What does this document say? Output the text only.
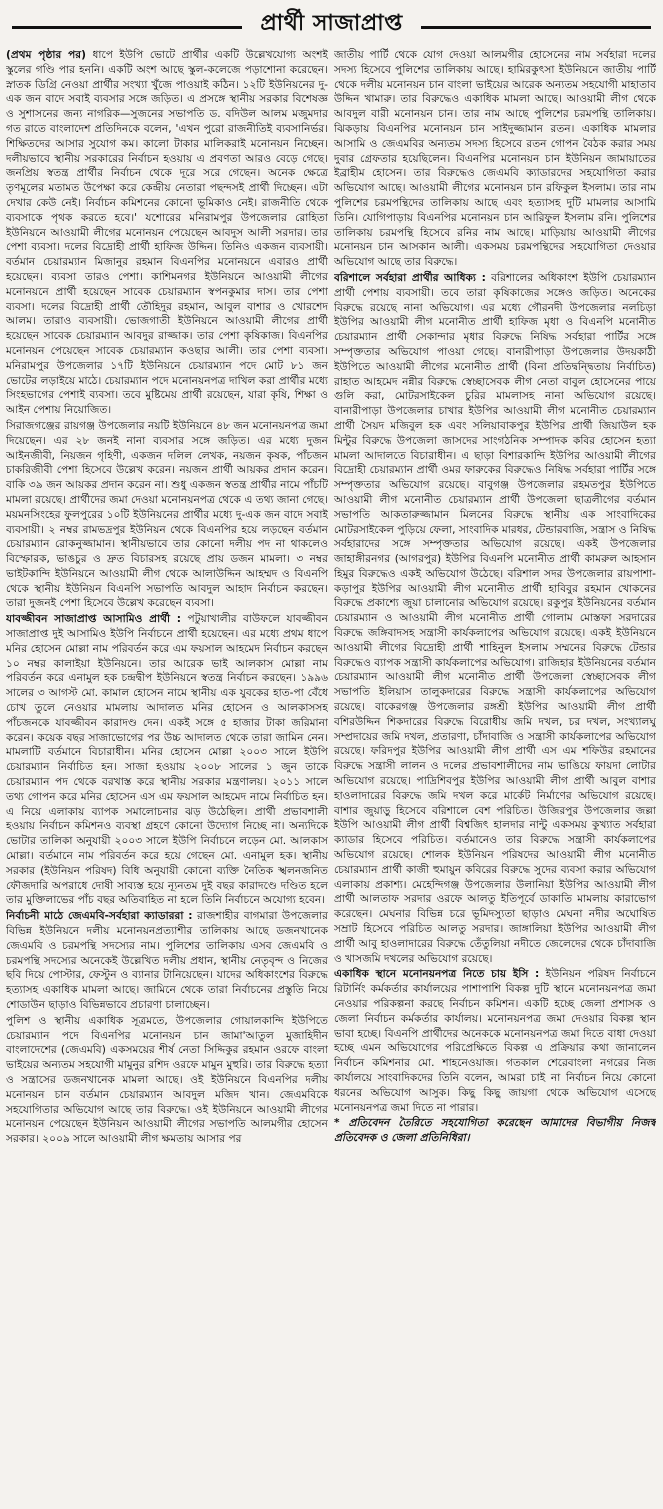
প্রার্থী সাজাপ্রাপ্ত

(প্রথম পৃষ্ঠার পর) ধাপে ইউপি ভোটে প্রার্থীর একটি উল্লেখযোগ্য অংশই স্কুলের গণ্ডি পার হননি। একটি অংশ আছে স্কুল-কলেজে পড়াশোনা করেছেন। স্নাতক ডিগ্রি নেওয়া প্রার্থীর সংখ্যা খুঁজে পাওয়াই কঠিন। ১২টি ইউনিয়নের দু-এক জন বাদে সবাই ব্যবসার সঙ্গে জড়িত। এ প্রসঙ্গে স্থানীয় সরকার বিশেষজ্ঞ ও সুশাসনের জন্য নাগরিক—সুজনের সভাপতি ড. বদিউল আলম মজুমদার গত রাতে বাংলাদেশ প্রতিদিনকে বলেন, 'এখন পুরো রাজনীতিই ব্যবসানির্ভর। শিক্ষিতদের আসার সুযোগ কম। কালো টাকার মালিকরাই মনোনয়ন নিচ্ছেন। দলীয়ভাবে স্থানীয় সরকারের নির্বাচন হওয়ায় এ প্রবণতা আরও বেড়ে গেছে। জনপ্রিয় স্বতন্ত্র প্রার্থীর নির্বাচন থেকে দূরে সরে গেছেন। অনেক ক্ষেত্রে তৃণমূলের মতামত উপেক্ষা করে কেন্দ্রীয় নেতারা পছন্দসই প্রার্থী দিচ্ছেন। এটা দেখার কেউ নেই। নির্বাচন কমিশনের কোনো ভূমিকাও নেই। রাজনীতি থেকে ব্যবসাকে পৃথক করতে হবে।' যশোরের মনিরামপুর উপজেলার রোহিতা ইউনিয়নে আওয়ামী লীগের মনোনয়ন পেয়েছেন আবদুস আলী সরদার। তার পেশা ব্যবসা। দলের বিদ্রোহী প্রার্থী হাফিজ উদ্দিন। তিনিও একজন ব্যবসায়ী। বর্তমান চেয়ারম্যান মিজানুর রহমান বিএনপির মনোনয়নে এবারও প্রার্থী হয়েছেন। ব্যবসা তারও পেশা। কাশিমনগর ইউনিয়নে আওয়ামী লীগের মনোনয়নে প্রার্থী হয়েছেন সাবেক চেয়ারম্যান স্বপনকুমার দাস। তার পেশা ব্যবসা। দলের বিদ্রোহী প্রার্থী তৌহিদুর রহমান, আবুল বাশার ও খোরশেদ আলম। তারাও ব্যবসায়ী। ভোজগাতী ইউনিয়নে আওয়ামী লীগের প্রার্থী হয়েছেন সাবেক চেয়ারম্যান আবদুর রাজ্জাক। তার পেশা কৃষিকাজ। বিএনপির মনোনয়ন পেয়েছেন সাবেক চেয়ারম্যান কওছার আলী। তার পেশা ব্যবসা। মনিরামপুর উপজেলার ১৭টি ইউনিয়নে চেয়ারম্যান পদে মোট ৮১ জন ভোটের লড়াইয়ে মাঠে। চেয়ারম্যান পদে মনোনয়নপত্র দাখিল করা প্রার্থীর মধ্যে সিংহভাগের পেশাই ব্যবসা। তবে মুষ্টিমেয় প্রার্থী রয়েছেন, যারা কৃষি, শিক্ষা ও আইন পেশায় নিয়োজিত।

সিরাজগঞ্জের রায়গঞ্জ উপজেলার নয়টি ইউনিয়নে ৪৮ জন মনোনয়নপত্র জমা দিয়েছেন। এর ২৮ জনই নানা ব্যবসার সঙ্গে জড়িত। এর মধ্যে দুজন আইনজীবী, নিয়জন গৃহিণী, একজন দলিল লেখক, নয়জন কৃষক, পাঁচজন চাকরিজীবী পেশা হিসেবে উল্লেখ করেন। নয়জন প্রার্থী আয়কর প্রদান করেন। বাকি ৩৯ জন আয়কর প্রদান করেন না। শুধু একজন স্বতন্ত্র প্রার্থীর নামে পাঁচটি মামলা রয়েছে। প্রার্থীদের জমা দেওয়া মনোনয়নপত্র থেকে এ তথ্য জানা গেছে। ময়মনসিংহের ফুলপুরের ১০টি ইউনিয়নের প্রার্থীর মধ্যে দু-এক জন বাদে সবাই ব্যবসায়ী। ২ নম্বর রামভদ্রপুর ইউনিয়ন থেকে বিএনপির হয়ে লড়ছেন বর্তমান চেয়ারম্যান রোকনুজ্জামান। স্থানীয়ভাবে তার কোনো দলীয় পদ না থাকলেও বিস্ফোরক, ভাঙচুর ও দ্রুত বিচারসহ রয়েছে প্রায় ডজন মামলা। ৩ নম্বর ভাইটকান্দি ইউনিয়নে আওয়ামী লীগ থেকে আলাউদ্দিন আহম্মদ ও বিএনপি থেকে স্থানীয় ইউনিয়ন বিএনপি সভাপতি আবদুল আহাদ নির্বাচন করছেন। তারা দুজনই পেশা হিসেবে উল্লেখ করেছেন ব্যবসা।

যাবজ্জীবন সাজাপ্রাপ্ত আসামিও প্রার্থী : পটুয়াখালীর বাউফলে যাবজ্জীবন সাজাপ্রাপ্ত দুই আসামিও ইউপি নির্বাচনে প্রার্থী হয়েছেন। এর মধ্যে প্রথম ধাপে মনির হোসেন মোল্লা নাম পরিবর্তন করে এম ফয়সাল আহমেদ নির্বাচন করছেন ১০ নম্বর কালাইয়া ইউনিয়নে। তার আরেক ভাই আলকাস মোল্লা নাম পরিবর্তন করে এনামুল হক চন্দ্রদ্বীপ ইউনিয়নে স্বতন্ত্র নির্বাচন করছেন। ১৯৯৬ সালের ৩ আগস্ট মো. কামাল হোসেন নামে স্থানীয় এক যুবকের হাত-পা বেঁধে চোখ তুলে নেওয়ার মামলায় আদালত মনির হোসেন ও আলকাসসহ পাঁচজনকে যাবজ্জীবন কারাদণ্ড দেন। একই সঙ্গে ৫ হাজার টাকা জরিমানা করেন। কয়েক বছর সাজাভোগের পর উচ্চ আদালত থেকে তারা জামিন নেন। মামলাটি বর্তমানে বিচারাধীন। মনির হোসেন মোল্লা ২০০৩ সালে ইউপি চেয়ারম্যান নির্বাচিত হন। সাজা হওয়ায় ২০০৮ সালের ১ জুন তাকে চেয়ারম্যান পদ থেকে বরখাস্ত করে স্থানীয় সরকার মন্ত্রণালয়। ২০১১ সালে তথ্য গোপন করে মনির হোসেন এস এম ফয়সাল আহমেদ নামে নির্বাচিত হন। এ নিয়ে এলাকায় ব্যাপক সমালোচনার ঝড় উঠেছিল। প্রার্থী প্রভাবশালী হওয়ায় নির্বাচন কমিশনও ব্যবস্থা গ্রহণে কোনো উদ্যোগ নিচ্ছে না। অন্যদিকে ভোটার তালিকা অনুযায়ী ২০০৩ সালে ইউপি নির্বাচনে লড়েন মো. আলকাস মোল্লা। বর্তমানে নাম পরিবর্তন করে হয়ে গেছেন মো. এনামুল হক। স্থানীয় সরকার (ইউনিয়ন পরিষদ) বিধি অনুযায়ী কোনো ব্যক্তি নৈতিক স্খলনজনিত ফৌজদারি অপরাধে দোষী সাব্যস্ত হয়ে ন্যূনতম দুই বছর কারাদণ্ডে দণ্ডিত হলে তার মুক্তিলাভের পাঁচ বছর অতিবাহিত না হলে তিনি নির্বাচনে অযোগ্য হবেন।

নির্বাচনী মাঠে জেএমবি-সর্বহারা ক্যাডাররা : রাজশাহীর বাগমারা উপজেলার বিভিন্ন ইউনিয়নে দলীয় মনোনয়নপ্রত্যাশীর তালিকায় আছে ডজনখানেক জেএমবি ও চরমপন্থি সদস্যের নাম। পুলিশের তালিকায় এসব জেএমবি ও চরমপন্থি সদস্যের অনেকেই উল্লেখিত দলীয় প্রধান, স্থানীয় নেতৃবৃন্দ ও নিজের ছবি দিয়ে পোস্টার, ফেস্টুন ও ব্যানার টানিয়েছেন। যাদের অধিকাংশের বিরুদ্ধে হত্যাসহ একাধিক মামলা আছে। জামিনে থেকে তারা নির্বাচনের প্রস্তুতি নিয়ে শোডাউন ছাড়াও বিভিন্নভাবে প্রচারণা চালাচ্ছেন।

পুলিশ ও স্থানীয় একাধিক সূত্রমতে, উপজেলার গোয়ালকান্দি ইউপিতে চেয়ারম্যান পদে বিএনপির মনোনয়ন চান জামা'আতুল মুজাহিদীন বাংলাদেশের (জেএমবি) একসময়ের শীর্ষ নেতা সিদ্দিকুর রহমান ওরফে বাংলা ভাইয়ের অন্যতম সহযোগী মামুনুর রশিদ ওরফে মামুন মুহুরি। তার বিরুদ্ধে হত্যা ও সন্ত্রাসের ডজনখানেক মামলা আছে। ওই ইউনিয়নে বিএনপির দলীয় মনোনয়ন চান বর্তমান চেয়ারম্যান আবদুল মজিদ খান। জেএমবিকে সহযোগিতার অভিযোগ আছে তার বিরুদ্ধে। ওই ইউনিয়নে আওয়ামী লীগের মনোনয়ন পেয়েছেন ইউনিয়ন আওয়ামী লীগের সভাপতি আলমগীর হোসেন সরকার। ২০০৯ সালে আওয়ামী লীগ ক্ষমতায় আসার পর

জাতীয় পার্টি থেকে যোগ দেওয়া আলমগীর হোসেনের নাম সর্বহারা দলের সদস্য হিসেবে পুলিশের তালিকায় আছে। হামিরকুৎসা ইউনিয়নে জাতীয় পার্টি থেকে দলীয় মনোনয়ন চান বাংলা ভাইয়ের আরেক অন্যতম সহযোগী মাহাতাব উদ্দিন খামারু। তার বিরুদ্ধেও একাধিক মামলা আছে। আওয়ামী লীগ থেকে আবদুল বারী মনোনয়ন চান। তার নাম আছে পুলিশের চরমপন্থি তালিকায়। ঝিকড়ায় বিএনপির মনোনয়ন চান সাইদুজ্জামান রতন। একাধিক মামলার আসামি ও জেএমবির অন্যতম সদস্য হিসেবে রতন গোপন বৈঠক করার সময় দুবার গ্রেফতার হয়েছিলেন। বিএনপির মনোনয়ন চান ইউনিয়ন জামায়াতের ইব্রাহীম হোসেন। তার বিরুদ্ধেও জেএমবি ক্যাডারদের সহযোগিতা করার অভিযোগ আছে। আওয়ামী লীগের মনোনয়ন চান রফিকুল ইসলাম। তার নাম পুলিশের চরমপন্থিদের তালিকায় আছে এবং হত্যাসহ দুটি মামলার আসামি তিনি। যোগিপাড়ায় বিএনপির মনোনয়ন চান আরিফুল ইসলাম রনি। পুলিশের তালিকায় চরমপন্থি হিসেবে রনির নাম আছে। মাড়িয়ায় আওয়ামী লীগের মনোনয়ন চান আসকান আলী। একসময় চরমপন্থিদের সহযোগিতা দেওয়ার অভিযোগ আছে তার বিরুদ্ধে।

বরিশালে সর্বহারা প্রার্থীর আধিক্য : বরিশালের অধিকাংশ ইউপি চেয়ারম্যান প্রার্থী পেশায় ব্যবসায়ী। তবে তারা কৃষিকাজের সঙ্গেও জড়িত। অনেকের বিরুদ্ধে রয়েছে নানা অভিযোগ। এর মধ্যে গৌরনদী উপজেলার নলচিড়া ইউপির আওয়ামী লীগ মনোনীত প্রার্থী হাফিজ মৃধা ও বিএনপি মনোনীত চেয়ারম্যান প্রার্থী সেকান্দার মৃধার বিরুদ্ধে নিষিদ্ধ সর্বহারা পার্টির সঙ্গে সম্পৃক্ততার অভিযোগ পাওয়া গেছে। বানারীপাড়া উপজেলার উদয়কাঠী ইউপিতে আওয়ামী লীগের মনোনীত প্রার্থী (বিনা প্রতিদ্বন্দ্বিতায় নির্বাচিত) রাহাত আহমেদ নন্নীর বিরুদ্ধে স্বেচ্ছাসেবক লীগ নেতা বাবুল হোসেনের পায়ে গুলি করা, মোটরসাইকেল চুরির মামলাসহ নানা অভিযোগ রয়েছে। বানারীপাড়া উপজেলার চাখার ইউপির আওয়ামী লীগ মনোনীত চেয়ারম্যান প্রার্থী সৈয়দ মজিবুল হক এবং সলিয়াবাকপুর ইউপির প্রার্থী জিয়াউল হক মিন্টুর বিরুদ্ধে উপজেলা জাসদের সাংগঠনিক সম্পাদক কবির হোসেন হত্যা মামলা আদালতে বিচারাধীন। এ ছাড়া বিশারকান্দি ইউপির আওয়ামী লীগের বিদ্রোহী চেয়ারম্যান প্রার্থী ওমর ফারুকের বিরুদ্ধেও নিষিদ্ধ সর্বহারা পার্টির সঙ্গে সম্পৃক্ততার অভিযোগ রয়েছে। বাবুগঞ্জ উপজেলার রহমতপুর ইউপিতে আওয়ামী লীগ মনোনীত চেয়ারম্যান প্রার্থী উপজেলা ছাত্রলীগের বর্তমান সভাপতি আকতারুজ্জামান মিলনের বিরুদ্ধে স্থানীয় এক সাংবাদিকের মোটরসাইকেল পুড়িয়ে ফেলা, সাংবাদিক মারধর, টেন্ডারবাজি, সন্ত্রাস ও নিষিদ্ধ সর্বহারাদের সঙ্গে সম্পৃক্ততার অভিযোগ রয়েছে। একই উপজেলার জাহাঙ্গীরনগর (আগরপুর) ইউপির বিএনপি মনোনীত প্রার্থী কামরুল আহসান হিমুর বিরুদ্ধেও একই অভিযোগ উঠেছে। বরিশাল সদর উপজেলার রায়পাশা-কড়াপুর ইউপির আওয়ামী লীগ মনোনীত প্রার্থী হাবিবুর রহমান খোকনের বিরুদ্ধে প্রকাশ্যে জুয়া চালানোর অভিযোগ রয়েছে। রকুপুর ইউনিয়নের বর্তমান চেয়ারম্যান ও আওয়ামী লীগ মনোনীত প্রার্থী গোলাম মোস্তফা সরদারের বিরুদ্ধে জঙ্গিবাদসহ সন্ত্রাসী কার্যকলাপের অভিযোগ রয়েছে। একই ইউনিয়নে আওয়ামী লীগের বিদ্রোহী প্রার্থী শাহিনুল ইসলাম সম্মনের বিরুদ্ধে টেন্ডার বিরুদ্ধেও ব্যাপক সন্ত্রাসী কার্যকলাপের অভিযোগ। রাজিহার ইউনিয়নের বর্তমান চেয়ারম্যান আওয়ামী লীগ মনোনীত প্রার্থী উপজেলা স্বেচ্ছাসেবক লীগ সভাপতি ইলিয়াস তালুকদারের বিরুদ্ধে সন্ত্রাসী কার্যকলাপের অভিযোগ রয়েছে। বাকেরগঞ্জ উপজেলার রঙ্গশ্রী ইউপির আওয়ামী লীগ প্রার্থী বশিরউদ্দিন শিকদারের বিরুদ্ধে বিরোধীয় জমি দখল, চর দখল, সংখ্যালঘু সম্প্রদায়ের জমি দখল, প্রতারণা, চাঁদাবাজি ও সন্ত্রাসী কার্যকলাপের অভিযোগ রয়েছে। ফরিদপুর ইউপির আওয়ামী লীগ প্রার্থী এস এম শফিউর রহমানের বিরুদ্ধে সন্ত্রাসী লালন ও দলের প্রভাবশালীদের নাম ভাঙিয়ে ফায়দা লোটার অভিযোগ রয়েছে। পাদ্রিশিবপুর ইউপির আওয়ামী লীগ প্রার্থী আবুল বাশার হাওলাদারের বিরুদ্ধে জমি দখল করে মার্কেট নির্মাণের অভিযোগ রয়েছে। বাশার জুয়াড়ু হিসেবে বরিশালে বেশ পরিচিত। উজিরপুর উপজেলার জল্লা ইউপি আওয়ামী লীগ প্রার্থী বিশ্বজিৎ হালদার নান্টু একসময় কুখ্যাত সর্বহারা ক্যাডার হিসেবে পরিচিত। বর্তমানেও তার বিরুদ্ধে সন্ত্রাসী কার্যকলাপের অভিযোগ রয়েছে। শোলক ইউনিয়ন পরিষদের আওয়ামী লীগ মনোনীত চেয়ারম্যান প্রার্থী কাজী হুমায়ুন কবিরের বিরুদ্ধে সুদের ব্যবসা করার অভিযোগ এলাকায় প্রকাশ্য। মেহেন্দিগঞ্জ উপজেলার উলানিয়া ইউপির আওয়ামী লীগ প্রার্থী আলতাফ সরদার ওরফে আলতু ইতিপূর্বে ডাকাতি মামলায় কারাভোগ করেছেন। মেঘনার বিভিন্ন চরে ভূমিদস্যুতা ছাড়াও মেঘনা নদীর অঘোষিত সম্রাট হিসেবে পরিচিত আলতু সরদার। জাঙ্গালিয়া ইউপির আওয়ামী লীগ প্রার্থী আবু হাওলাদারের বিরুদ্ধে তেঁতুলিয়া নদীতে জেলেদের থেকে চাঁদাবাজি ও খাসজমি দখলের অভিযোগ রয়েছে।

একাধিক স্থানে মনোনয়নপত্র নিতে চায় ইসি : ইউনিয়ন পরিষদ নির্বাচনে রিটার্নিং কর্মকর্তার কার্যালয়ের পাশাপাশি বিকল্প দুটি স্থানে মনোনয়নপত্র জমা নেওয়ার পরিকল্পনা করছে নির্বাচন কমিশন। একটি হচ্ছে জেলা প্রশাসক ও জেলা নির্বাচন কর্মকর্তার কার্যালয়। মনোনয়নপত্র জমা দেওয়ার বিকল্প স্থান ভাবা হচ্ছে। বিএনপি প্রার্থীদের অনেককে মনোনয়নপত্র জমা দিতে বাধা দেওয়া হচ্ছে এমন অভিযোগের পরিপ্রেক্ষিতে বিকল্প এ প্রক্রিয়ার কথা জানালেন নির্বাচন কমিশনার মো. শাহনেওয়াজ। গতকাল শেরেবাংলা নগরের নিজ কার্যালয়ে সাংবাদিকদের তিনি বলেন, আমরা চাই না নির্বাচন নিয়ে কোনো ধরনের অভিযোগ আসুক। কিছু কিছু জায়গা থেকে অভিযোগ এসেছে মনোনয়নপত্র জমা দিতে না পারার।

* প্রতিবেদন তৈরিতে সহযোগিতা করেছেন আমাদের বিভাগীয় নিজস্ব প্রতিবেদক ও জেলা প্রতিনিধিরা।
